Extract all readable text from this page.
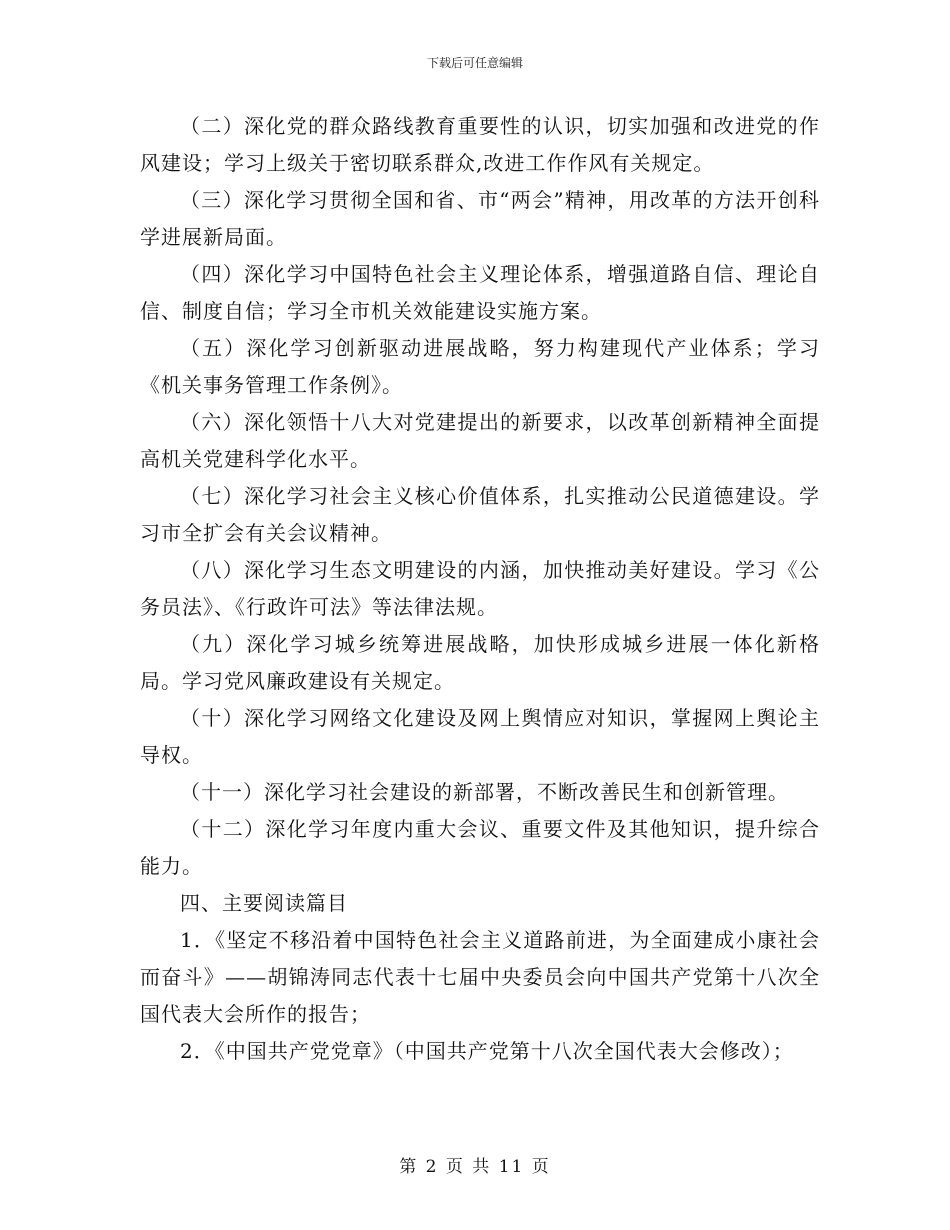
下载后可任意编辑

（二）深化党的群众路线教育重要性的认识，切实加强和改进党的作风建设；学习上级关于密切联系群众,改进工作作风有关规定。

（三）深化学习贯彻全国和省、市“两会”精神，用改革的方法开创科学进展新局面。

（四）深化学习中国特色社会主义理论体系，增强道路自信、理论自信、制度自信；学习全市机关效能建设实施方案。

（五）深化学习创新驱动进展战略，努力构建现代产业体系；学习《机关事务管理工作条例》。

（六）深化领悟十八大对党建提出的新要求，以改革创新精神全面提高机关党建科学化水平。

（七）深化学习社会主义核心价值体系，扎实推动公民道德建设。学习市全扩会有关会议精神。

（八）深化学习生态文明建设的内涵，加快推动美好建设。学习《公务员法》、《行政许可法》等法律法规。

（九）深化学习城乡统筹进展战略，加快形成城乡进展一体化新格局。学习党风廉政建设有关规定。

（十）深化学习网络文化建设及网上舆情应对知识，掌握网上舆论主导权。

（十一）深化学习社会建设的新部署，不断改善民生和创新管理。

（十二）深化学习年度内重大会议、重要文件及其他知识，提升综合能力。

四、主要阅读篇目

1．《坚定不移沿着中国特色社会主义道路前进，为全面建成小康社会而奋斗》——胡锦涛同志代表十七届中央委员会向中国共产党第十八次全国代表大会所作的报告；

2．《中国共产党党章》（中国共产党第十八次全国代表大会修改）；

第 2 页 共 11 页
